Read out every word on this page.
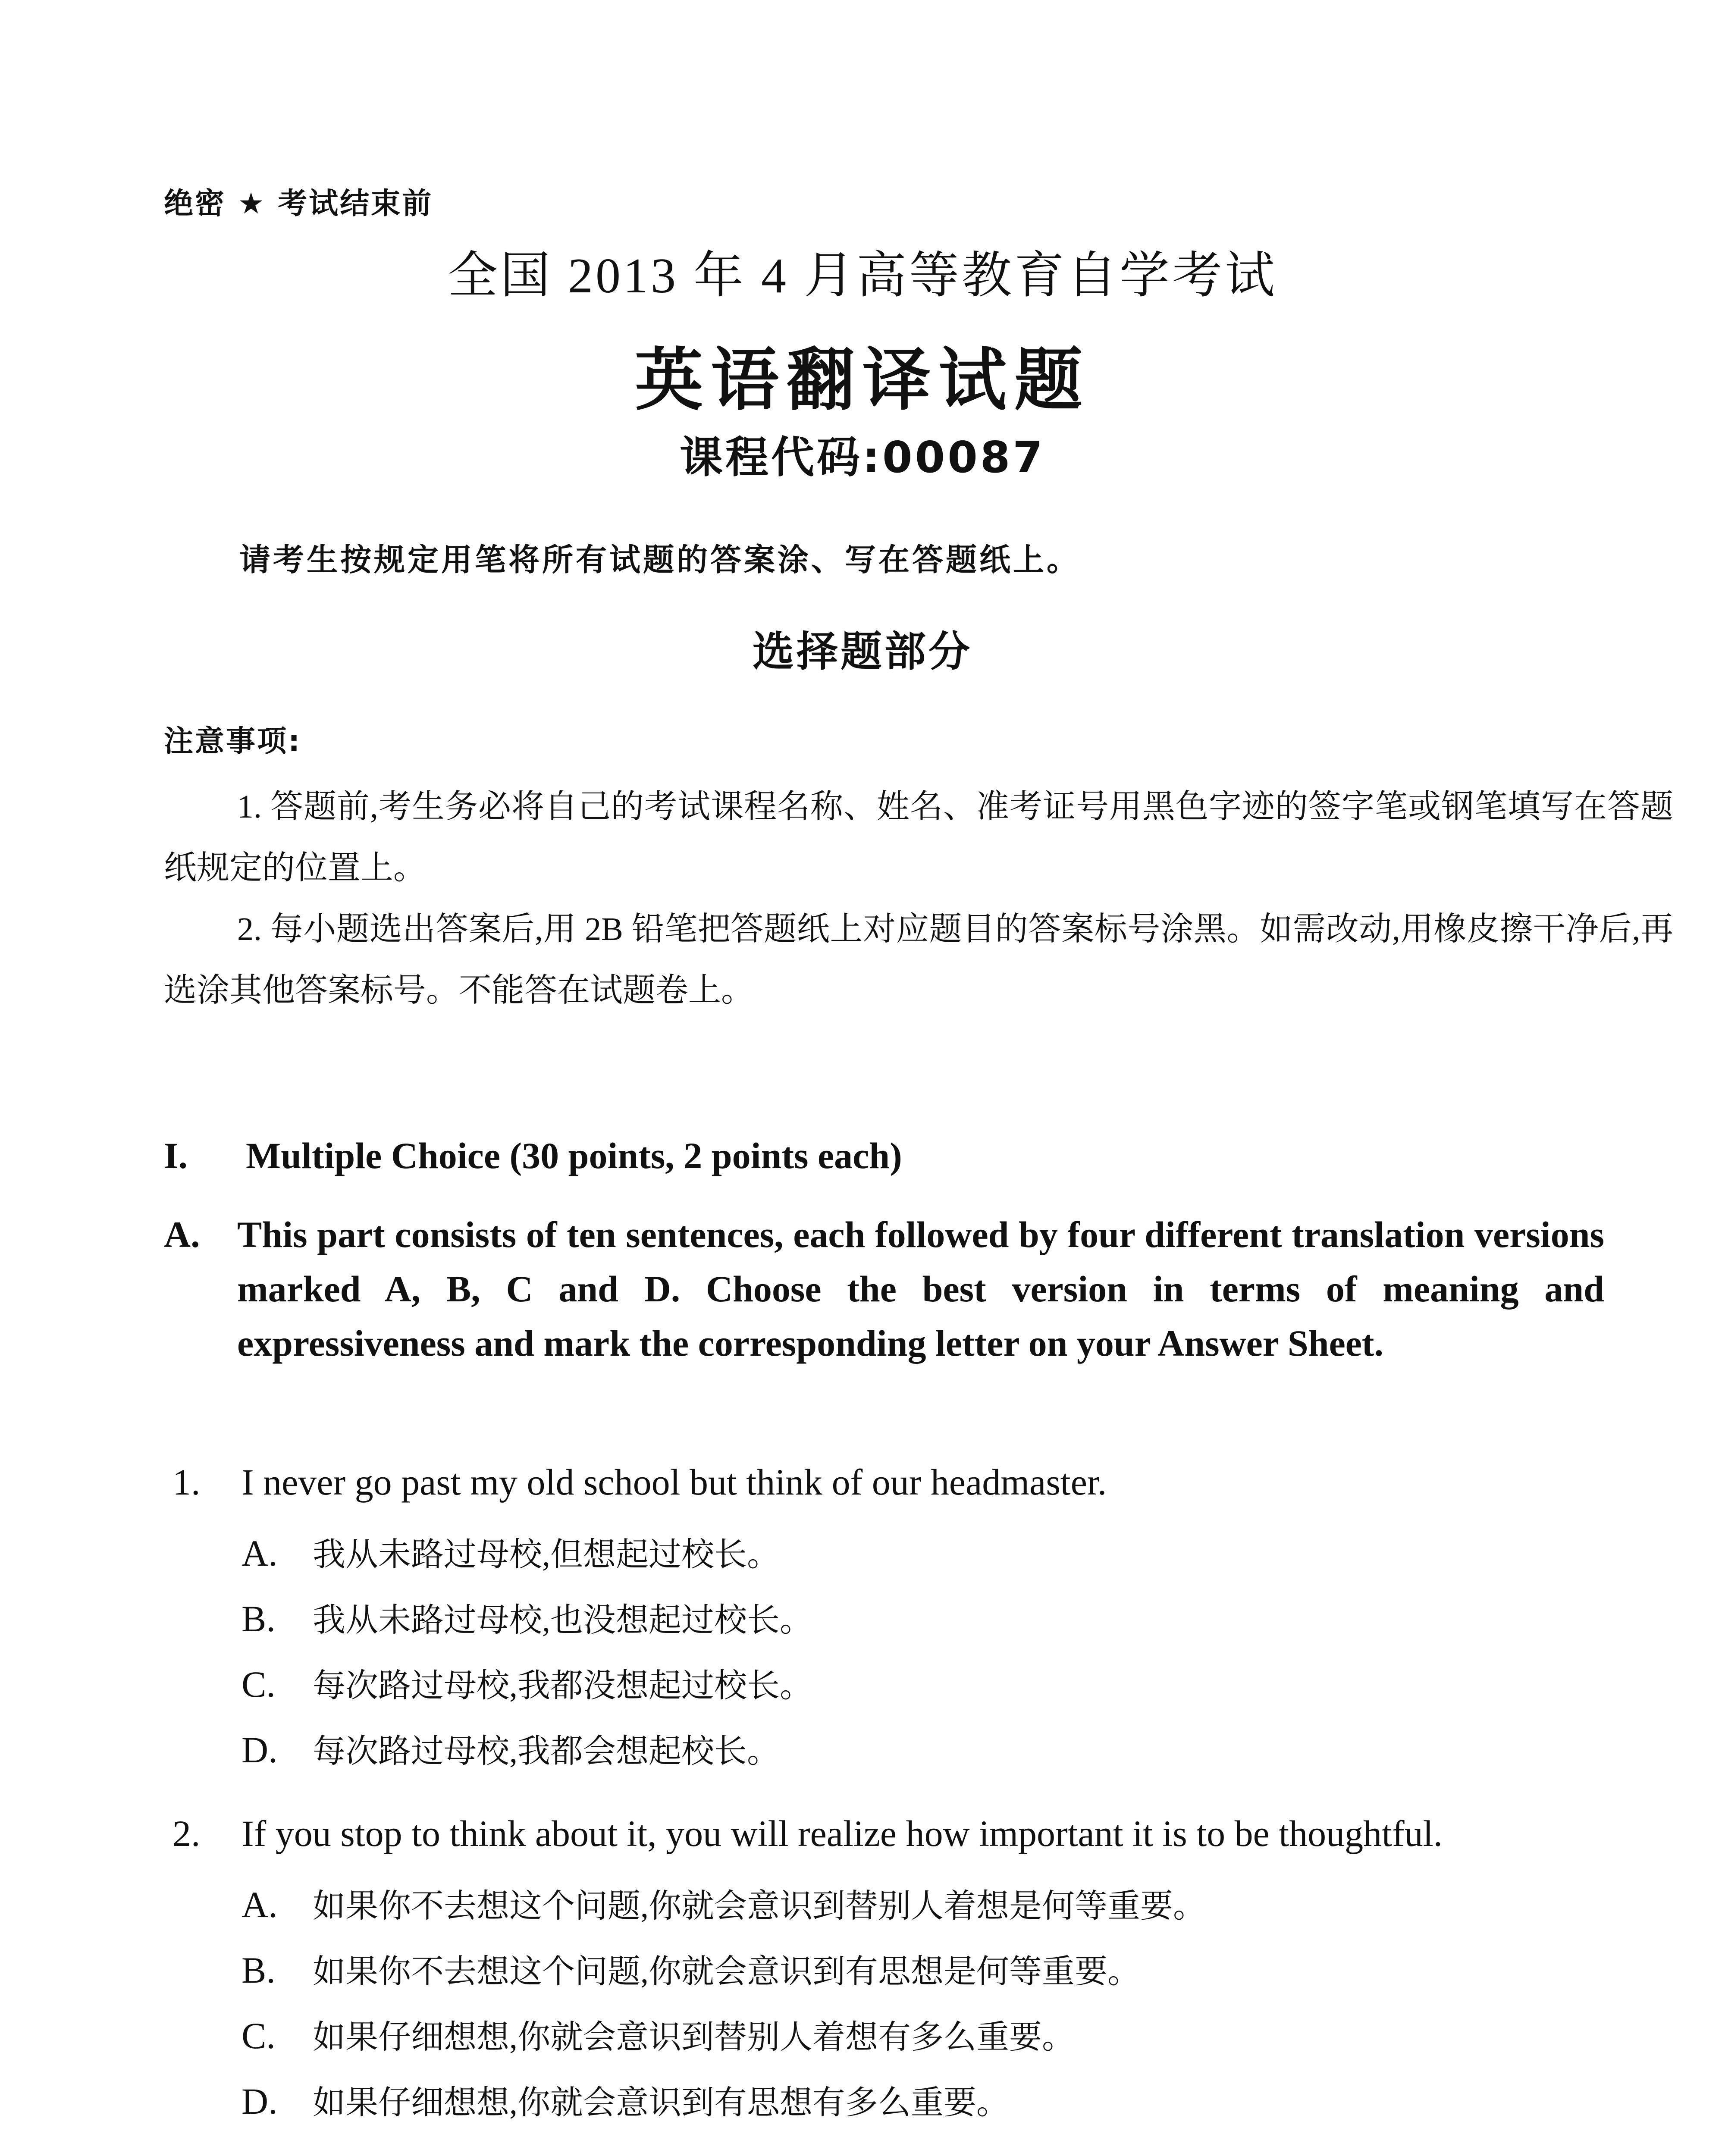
绝密 ★ 考试结束前
全国 2013 年 4 月高等教育自学考试
英语翻译试题
课程代码:00087
请考生按规定用笔将所有试题的答案涂、写在答题纸上。
选择题部分
注意事项:

1. 答题前,考生务必将自己的考试课程名称、姓名、准考证号用黑色字迹的签字笔或钢笔填写在答题纸规定的位置上。

2. 每小题选出答案后,用 2B 铅笔把答题纸上对应题目的答案标号涂黑。如需改动,用橡皮擦干净后,再选涂其他答案标号。不能答在试题卷上。

I. Multiple Choice (30 points, 2 points each)
A. This part consists of ten sentences, each followed by four different translation versions marked A, B, C and D. Choose the best version in terms of meaning and expressiveness and mark the corresponding letter on your Answer Sheet.
1. I never go past my old school but think of our headmaster.
A. 我从未路过母校,但想起过校长。
B. 我从未路过母校,也没想起过校长。
C. 每次路过母校,我都没想起过校长。
D. 每次路过母校,我都会想起校长。
2. If you stop to think about it, you will realize how important it is to be thoughtful.
A. 如果你不去想这个问题,你就会意识到替别人着想是何等重要。
B. 如果你不去想这个问题,你就会意识到有思想是何等重要。
C. 如果仔细想想,你就会意识到替别人着想有多么重要。
D. 如果仔细想想,你就会意识到有思想有多么重要。
